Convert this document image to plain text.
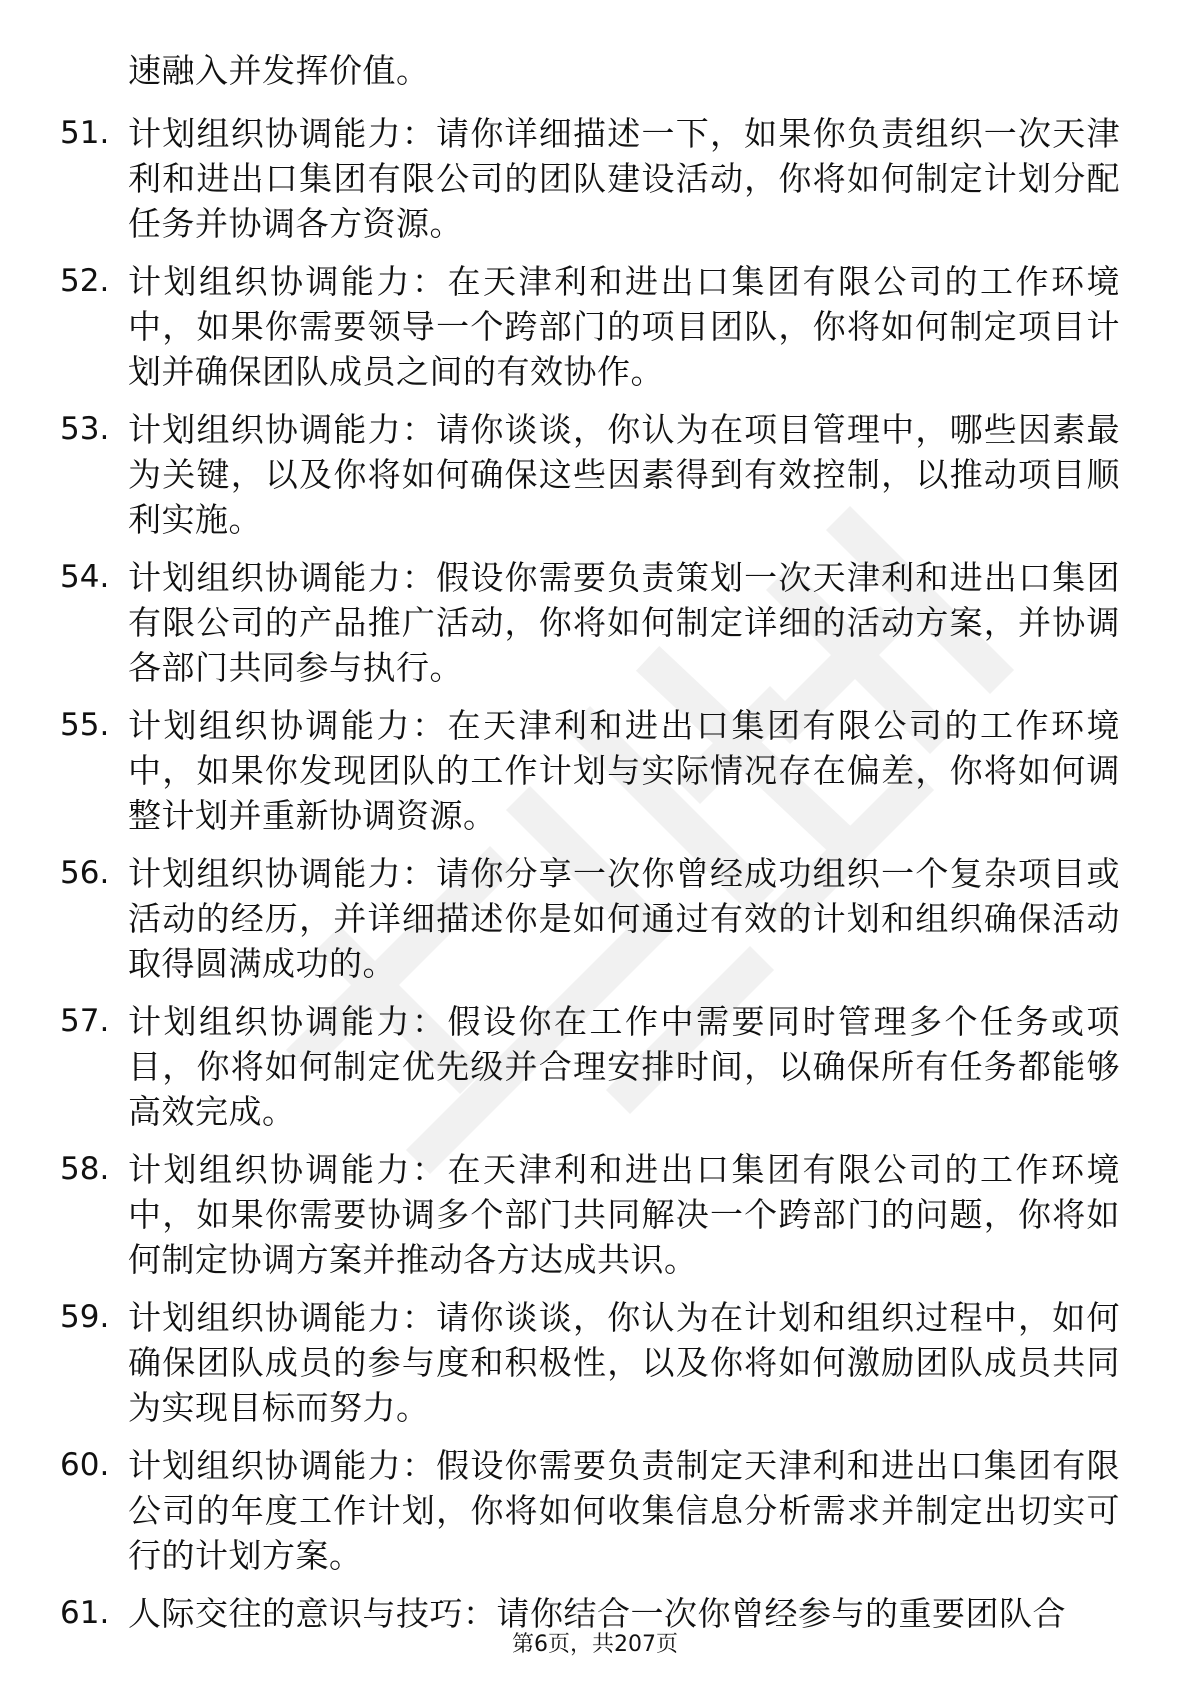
速融入并发挥价值。
51. 计划组织协调能力：请你详细描述一下，如果你负责组织一次天津利和进出口集团有限公司的团队建设活动，你将如何制定计划分配任务并协调各方资源。
52. 计划组织协调能力：在天津利和进出口集团有限公司的工作环境中，如果你需要领导一个跨部门的项目团队，你将如何制定项目计划并确保团队成员之间的有效协作。
53. 计划组织协调能力：请你谈谈，你认为在项目管理中，哪些因素最为关键，以及你将如何确保这些因素得到有效控制，以推动项目顺利实施。
54. 计划组织协调能力：假设你需要负责策划一次天津利和进出口集团有限公司的产品推广活动，你将如何制定详细的活动方案，并协调各部门共同参与执行。
55. 计划组织协调能力：在天津利和进出口集团有限公司的工作环境中，如果你发现团队的工作计划与实际情况存在偏差，你将如何调整计划并重新协调资源。
56. 计划组织协调能力：请你分享一次你曾经成功组织一个复杂项目或活动的经历，并详细描述你是如何通过有效的计划和组织确保活动取得圆满成功的。
57. 计划组织协调能力：假设你在工作中需要同时管理多个任务或项目，你将如何制定优先级并合理安排时间，以确保所有任务都能够高效完成。
58. 计划组织协调能力：在天津利和进出口集团有限公司的工作环境中，如果你需要协调多个部门共同解决一个跨部门的问题，你将如何制定协调方案并推动各方达成共识。
59. 计划组织协调能力：请你谈谈，你认为在计划和组织过程中，如何确保团队成员的参与度和积极性，以及你将如何激励团队成员共同为实现目标而努力。
60. 计划组织协调能力：假设你需要负责制定天津利和进出口集团有限公司的年度工作计划，你将如何收集信息分析需求并制定出切实可行的计划方案。
61. 人际交往的意识与技巧：请你结合一次你曾经参与的重要团队合
第6页，共207页
